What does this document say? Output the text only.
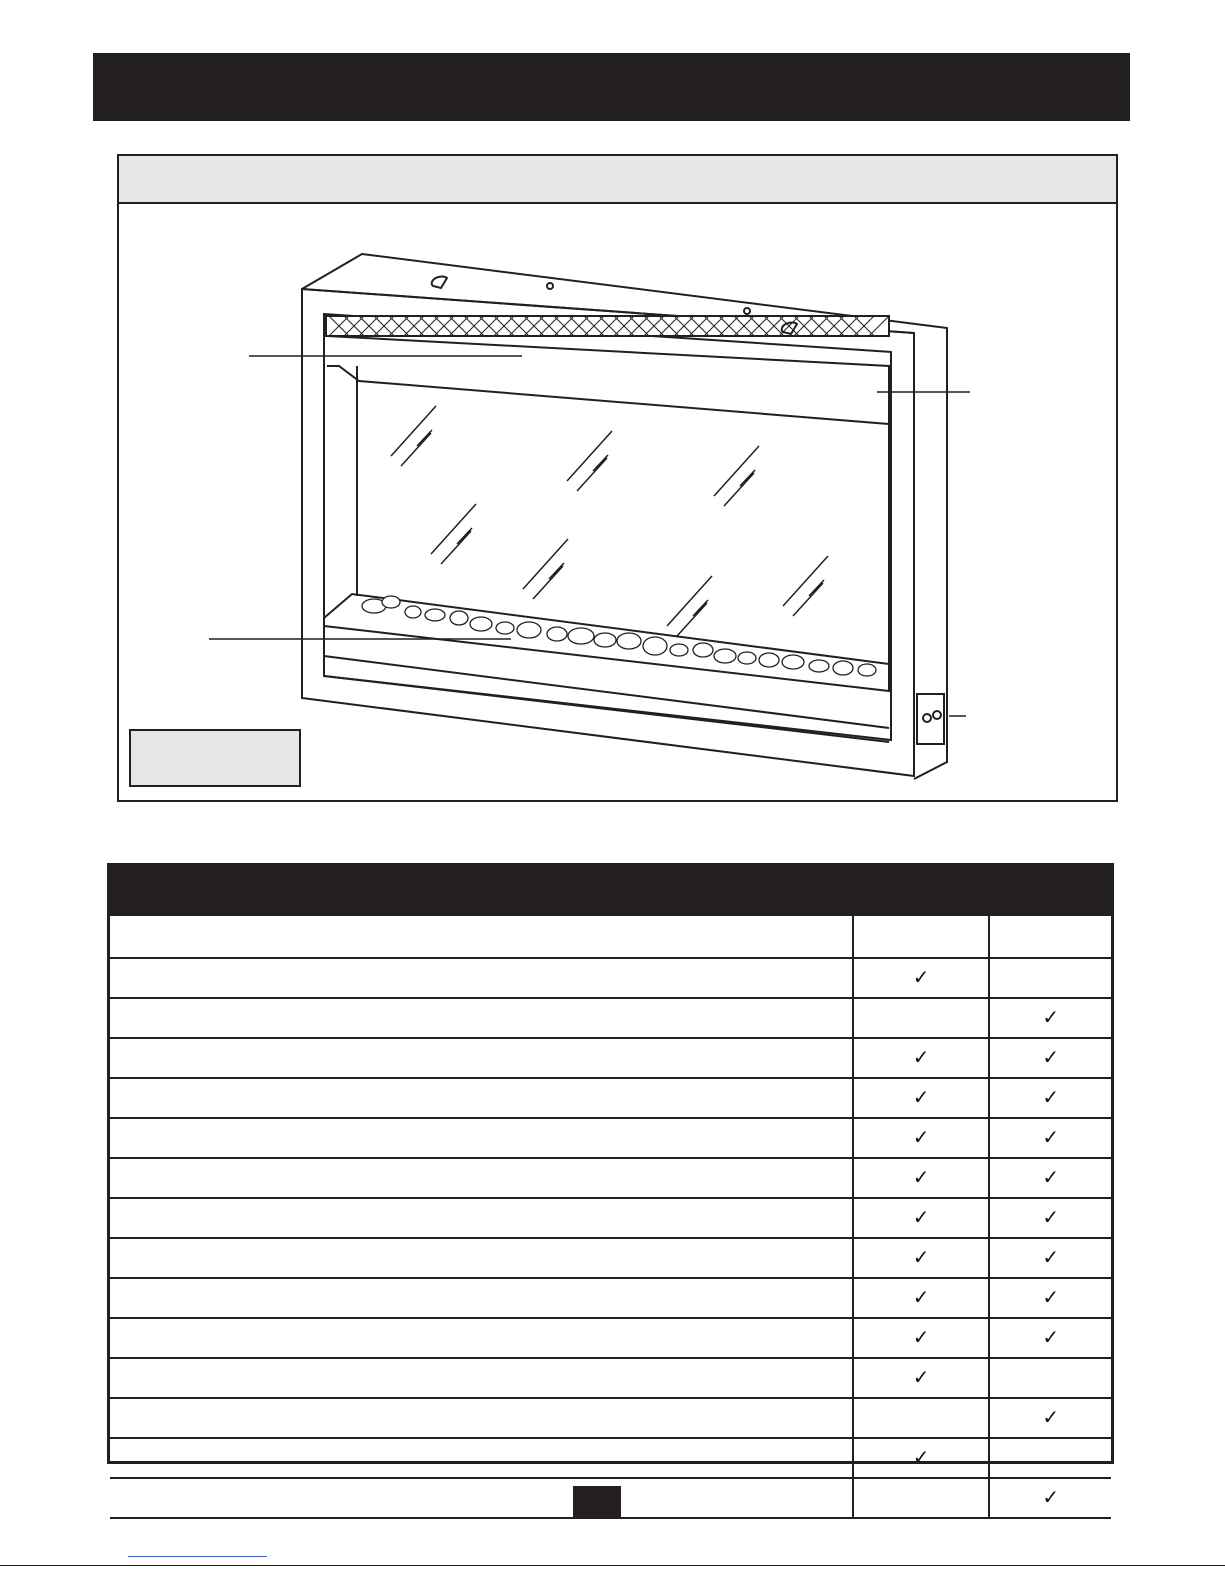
	✓	
		✓
	✓	✓
	✓	✓
	✓	✓
	✓	✓
	✓	✓
	✓	✓
	✓	✓
	✓	✓
	✓	
		✓
	✓	
		✓
